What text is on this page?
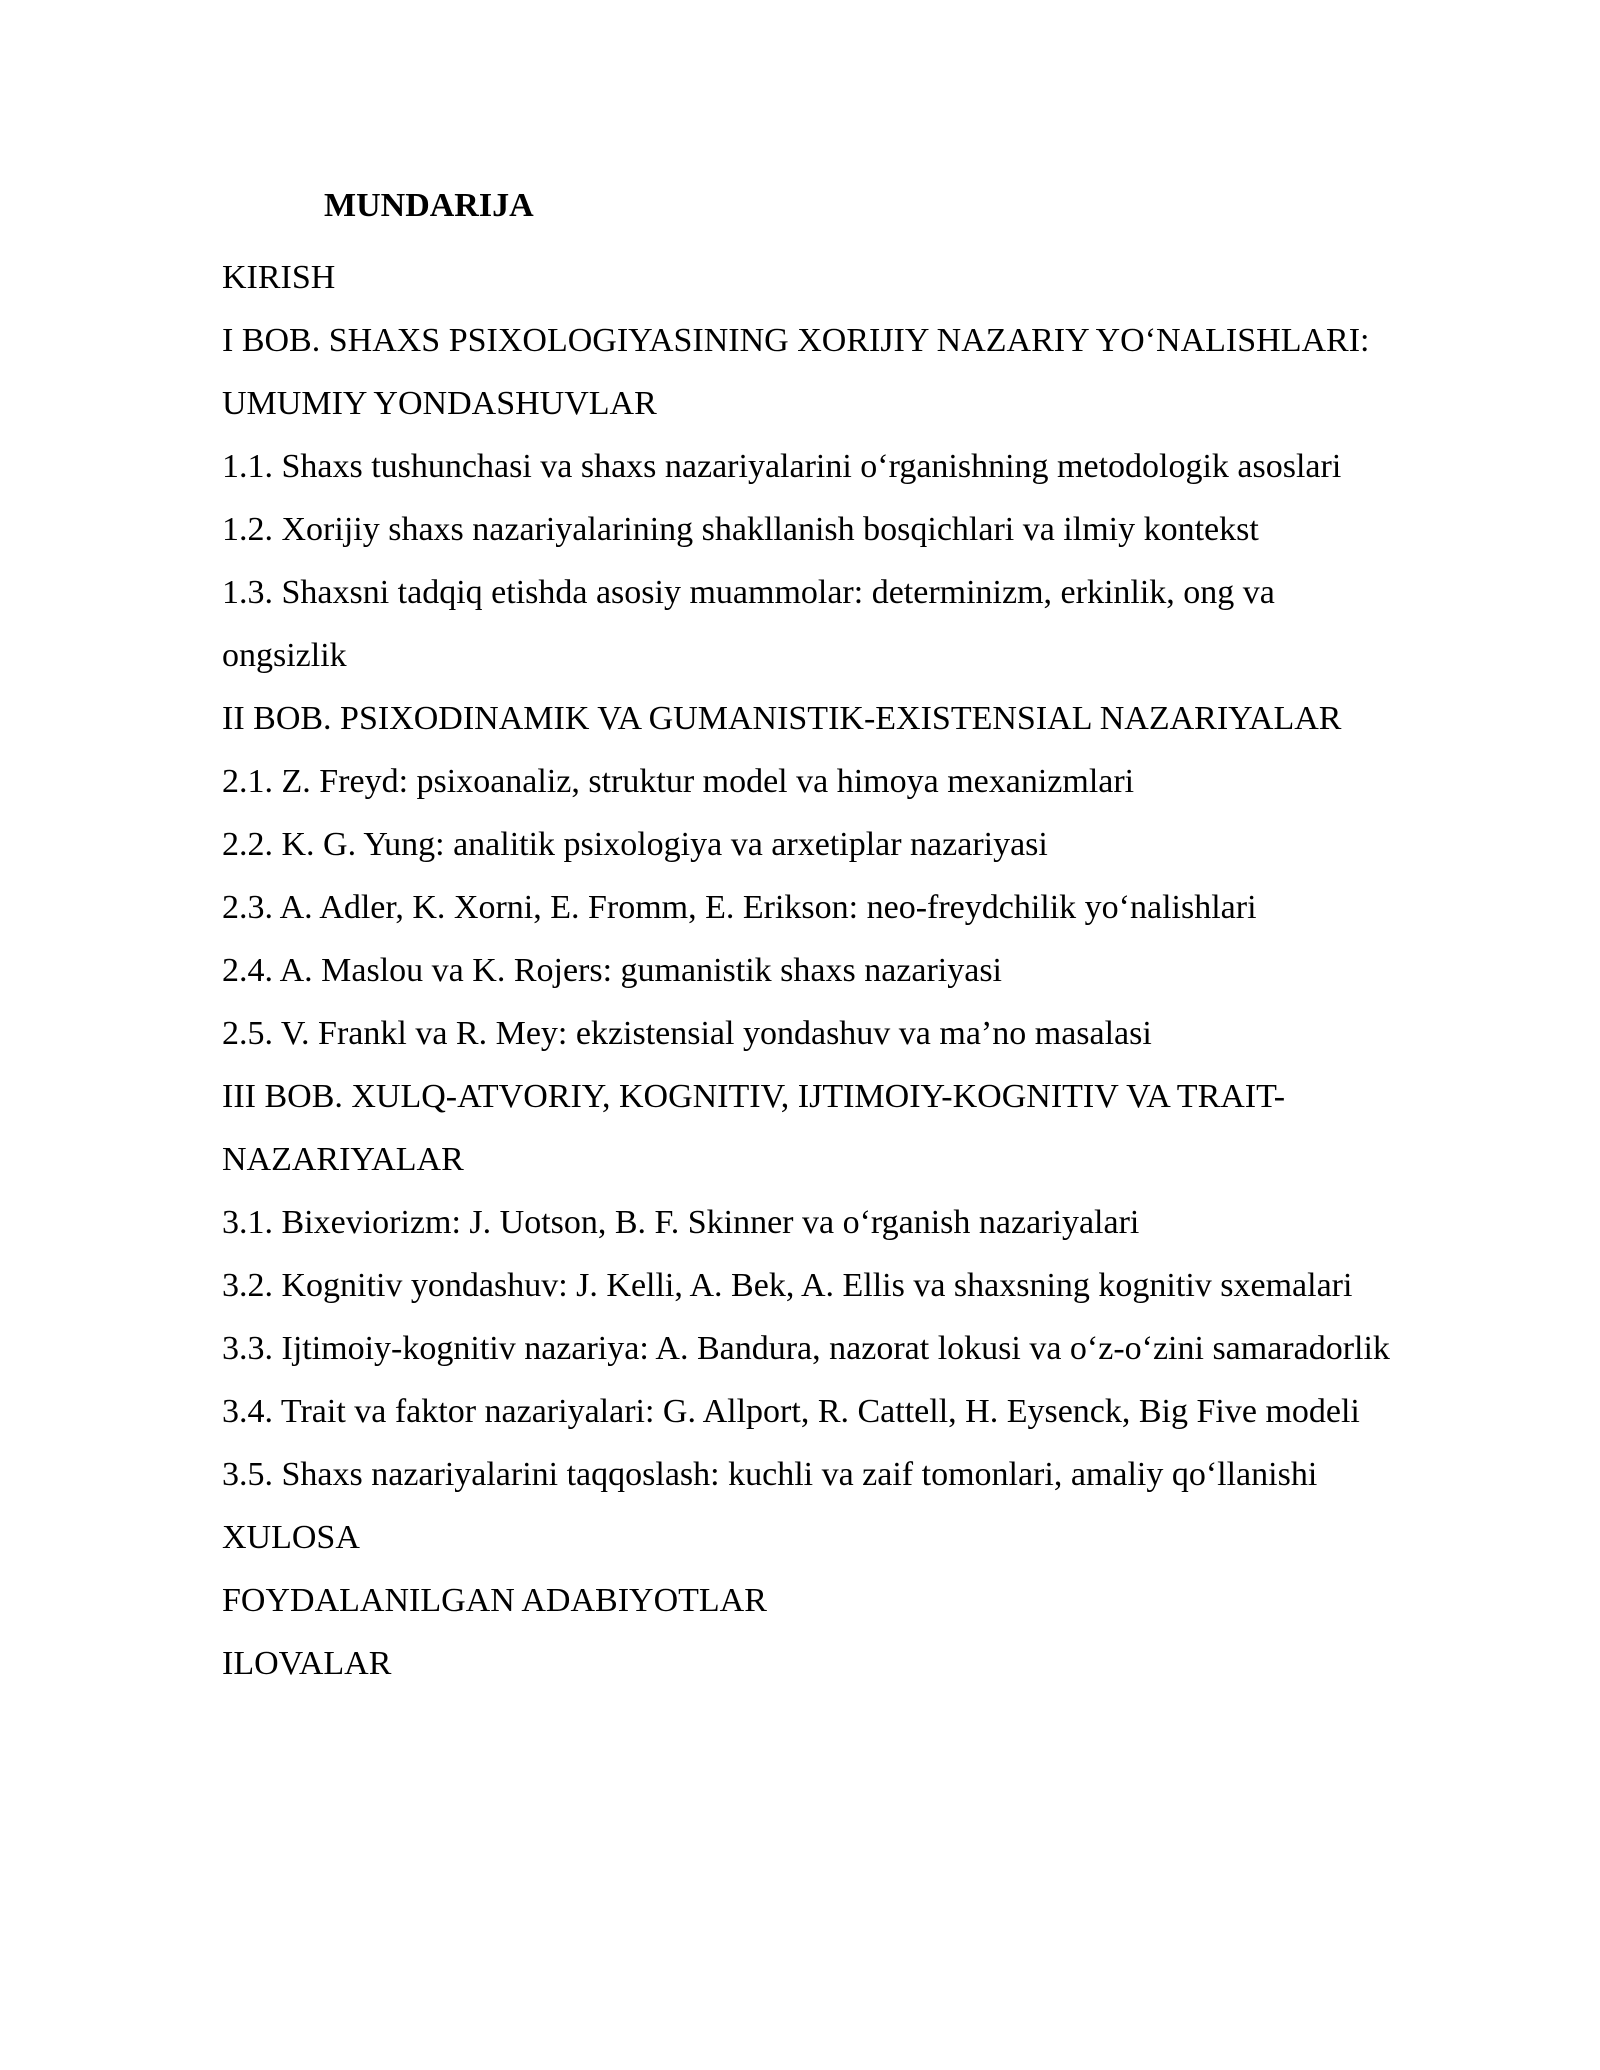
MUNDARIJA
KIRISH
I BOB. SHAXS PSIXOLOGIYASINING XORIJIY NAZARIY YO‘NALISHLARI:
UMUMIY YONDASHUVLAR
1.1. Shaxs tushunchasi va shaxs nazariyalarini o‘rganishning metodologik asoslari
1.2. Xorijiy shaxs nazariyalarining shakllanish bosqichlari va ilmiy kontekst
1.3. Shaxsni tadqiq etishda asosiy muammolar: determinizm, erkinlik, ong va
ongsizlik
II BOB. PSIXODINAMIK VA GUMANISTIK-EXISTENSIAL NAZARIYALAR
2.1. Z. Freyd: psixoanaliz, struktur model va himoya mexanizmlari
2.2. K. G. Yung: analitik psixologiya va arxetiplar nazariyasi
2.3. A. Adler, K. Xorni, E. Fromm, E. Erikson: neo-freydchilik yo‘nalishlari
2.4. A. Maslou va K. Rojers: gumanistik shaxs nazariyasi
2.5. V. Frankl va R. Mey: ekzistensial yondashuv va ma’no masalasi
III BOB. XULQ-ATVORIY, KOGNITIV, IJTIMOIY-KOGNITIV VA TRAIT-
NAZARIYALAR
3.1. Bixeviorizm: J. Uotson, B. F. Skinner va o‘rganish nazariyalari
3.2. Kognitiv yondashuv: J. Kelli, A. Bek, A. Ellis va shaxsning kognitiv sxemalari
3.3. Ijtimoiy-kognitiv nazariya: A. Bandura, nazorat lokusi va o‘z-o‘zini samaradorlik
3.4. Trait va faktor nazariyalari: G. Allport, R. Cattell, H. Eysenck, Big Five modeli
3.5. Shaxs nazariyalarini taqqoslash: kuchli va zaif tomonlari, amaliy qo‘llanishi
XULOSA
FOYDALANILGAN ADABIYOTLAR
ILOVALAR
